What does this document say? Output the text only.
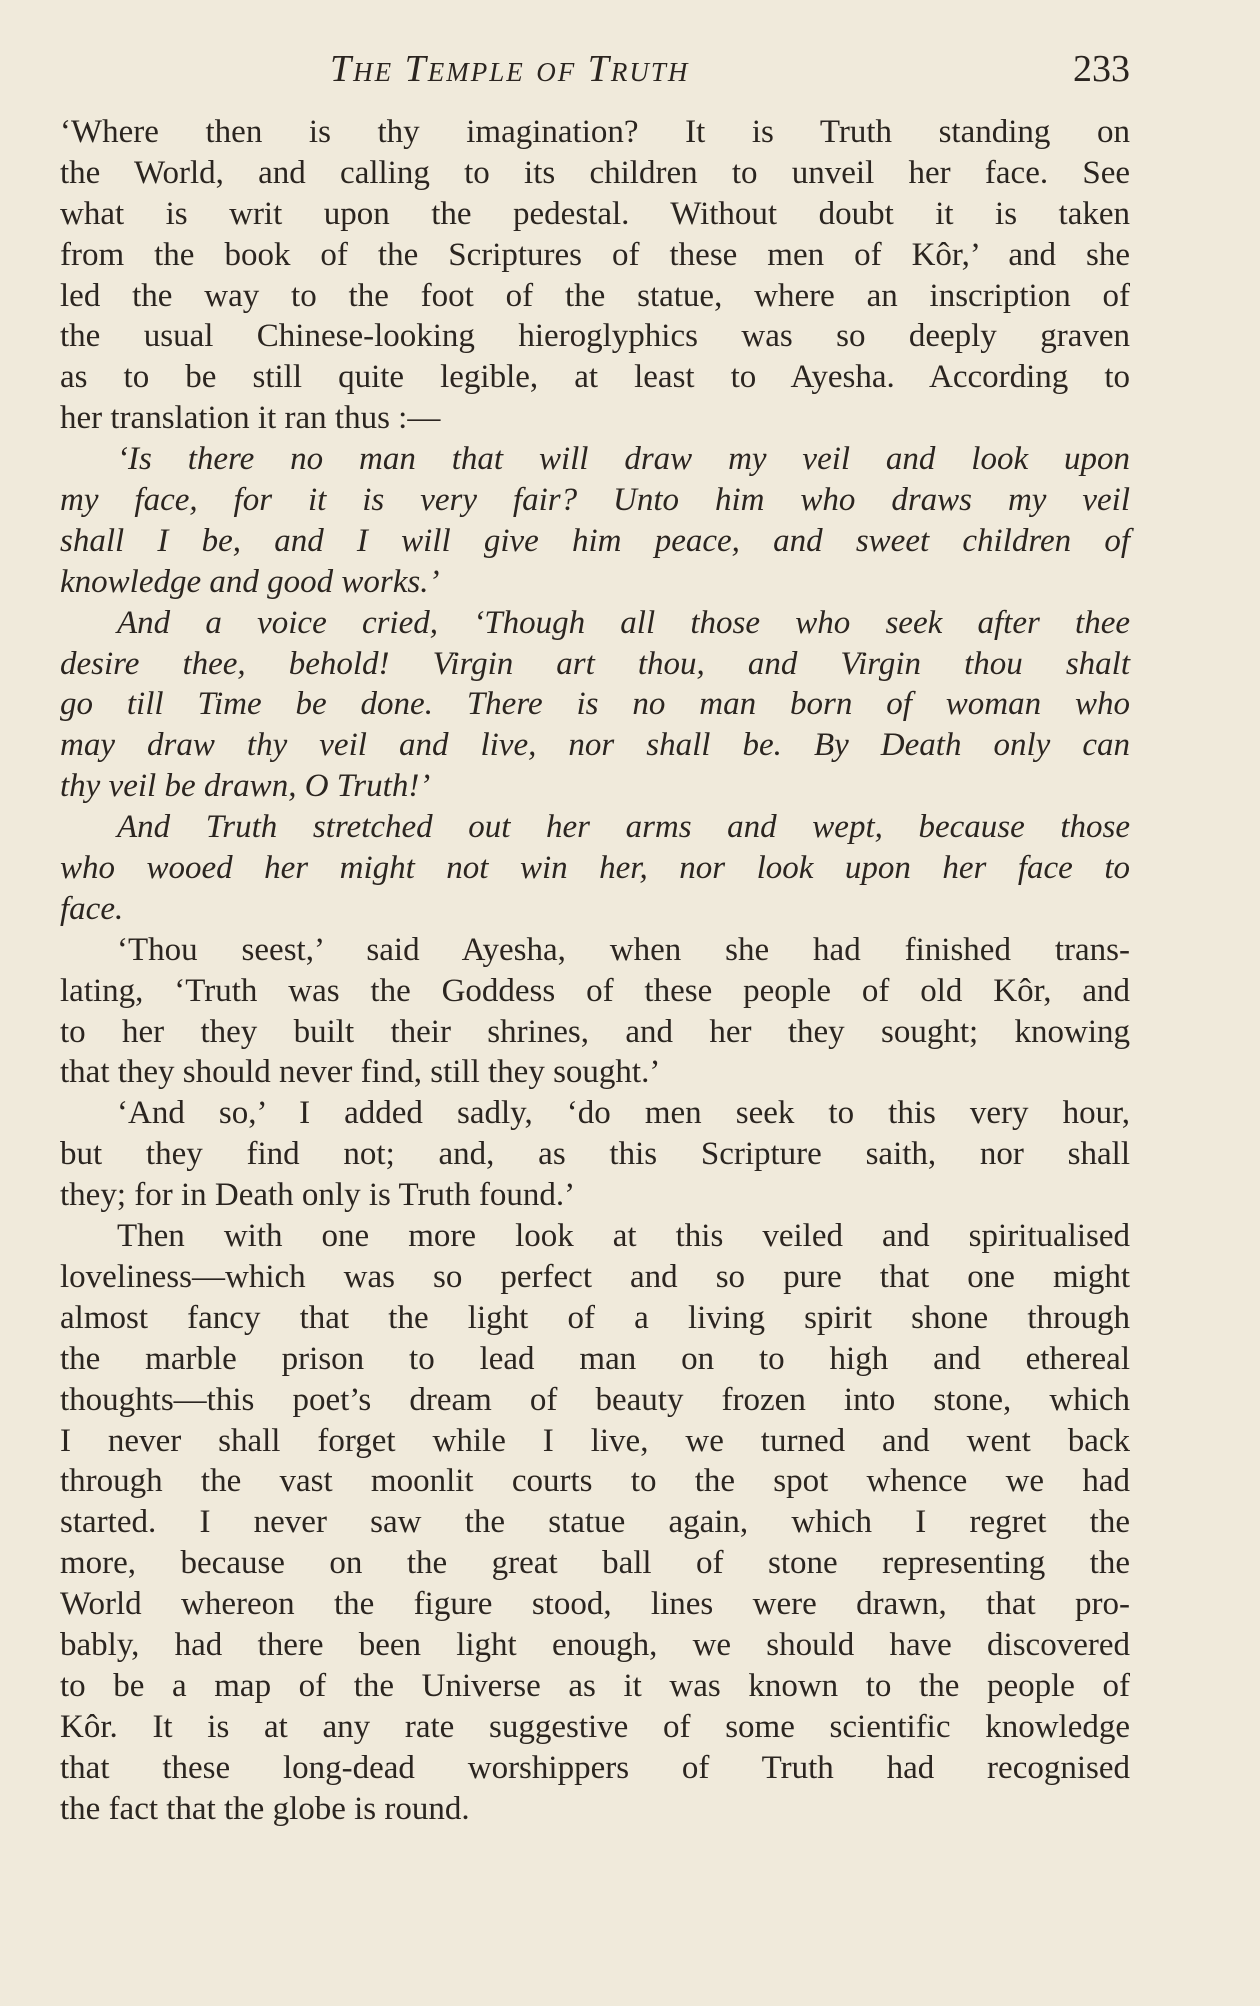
The Temple of Truth	233
‘Where then is thy imagination? It is Truth standing on
the World, and calling to its children to unveil her face. See
what is writ upon the pedestal. Without doubt it is taken
from the book of the Scriptures of these men of Kôr,’ and she
led the way to the foot of the statue, where an inscription of
the usual Chinese-looking hieroglyphics was so deeply graven
as to be still quite legible, at least to Ayesha. According to
her translation it ran thus :—
‘Is there no man that will draw my veil and look upon
my face, for it is very fair? Unto him who draws my veil
shall I be, and I will give him peace, and sweet children of
knowledge and good works.’
And a voice cried, ‘Though all those who seek after thee
desire thee, behold! Virgin art thou, and Virgin thou shalt
go till Time be done. There is no man born of woman who
may draw thy veil and live, nor shall be. By Death only can
thy veil be drawn, O Truth!’
And Truth stretched out her arms and wept, because those
who wooed her might not win her, nor look upon her face to
face.
‘Thou seest,’ said Ayesha, when she had finished trans-
lating, ‘Truth was the Goddess of these people of old Kôr, and
to her they built their shrines, and her they sought; knowing
that they should never find, still they sought.’
‘And so,’ I added sadly, ‘do men seek to this very hour,
but they find not; and, as this Scripture saith, nor shall
they; for in Death only is Truth found.’
Then with one more look at this veiled and spiritualised
loveliness—which was so perfect and so pure that one might
almost fancy that the light of a living spirit shone through
the marble prison to lead man on to high and ethereal
thoughts—this poet’s dream of beauty frozen into stone, which
I never shall forget while I live, we turned and went back
through the vast moonlit courts to the spot whence we had
started. I never saw the statue again, which I regret the
more, because on the great ball of stone representing the
World whereon the figure stood, lines were drawn, that pro-
bably, had there been light enough, we should have discovered
to be a map of the Universe as it was known to the people of
Kôr. It is at any rate suggestive of some scientific knowledge
that these long-dead worshippers of Truth had recognised
the fact that the globe is round.
